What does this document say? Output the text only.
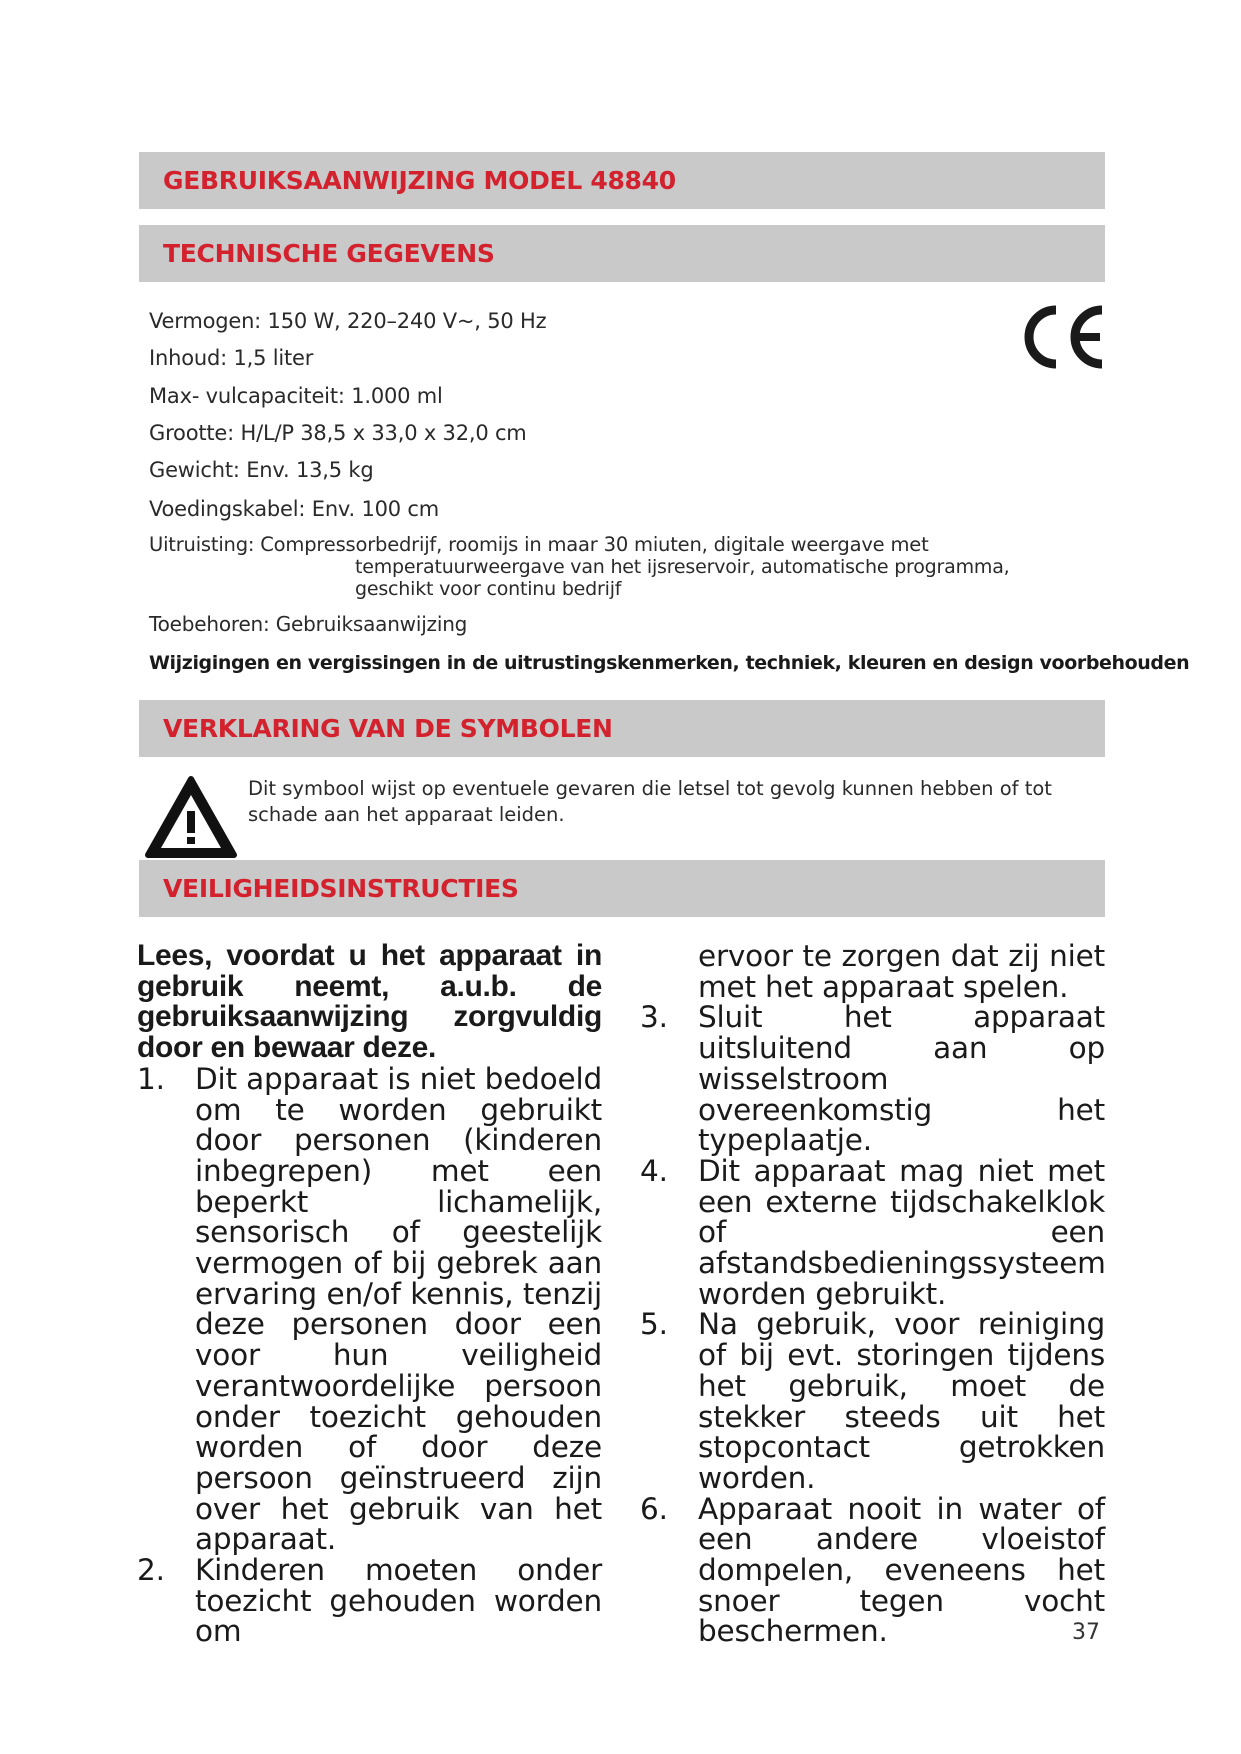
GEBRUIKSAANWIJZING MODEL 48840
TECHNISCHE GEGEVENS
Vermogen: 150 W, 220–240 V~, 50 Hz
Inhoud: 1,5 liter
Max- vulcapaciteit: 1.000 ml
Grootte: H/L/P 38,5 x 33,0 x 32,0 cm
Gewicht: Env. 13,5 kg
Voedingskabel: Env. 100 cm
Uitruisting: Compressorbedrijf, roomijs in maar 30 miuten, digitale weergave met
temperatuurweergave van het ijsreservoir, automatische programma,
geschikt voor continu bedrijf
Toebehoren: Gebruiksaanwijzing
Wijzigingen en vergissingen in de uitrustingskenmerken, techniek, kleuren en design voorbehouden
VERKLARING VAN DE SYMBOLEN
Dit symbool wijst op eventuele gevaren die letsel tot gevolg kunnen hebben of tot schade aan het apparaat leiden.
VEILIGHEIDSINSTRUCTIES
Lees, voordat u het apparaat in gebruik neemt, a.u.b. de gebruiksaanwijzing zorgvuldig door en bewaar deze.
1. Dit apparaat is niet bedoeld om te worden gebruikt door personen (kinderen inbegrepen) met een beperkt lichamelijk, sensorisch of geestelijk vermogen of bij gebrek aan ervaring en/of kennis, tenzij deze personen door een voor hun veiligheid verantwoordelijke persoon onder toezicht gehouden worden of door deze persoon geïnstrueerd zijn over het gebruik van het apparaat.
2. Kinderen moeten onder toezicht gehouden worden om
ervoor te zorgen dat zij niet met het apparaat spelen.
3. Sluit het apparaat uitsluitend aan op wisselstroom overeenkomstig het typeplaatje.
4. Dit apparaat mag niet met een externe tijdschakelklok of een afstandsbedieningssysteem worden gebruikt.
5. Na gebruik, voor reiniging of bij evt. storingen tijdens het gebruik, moet de stekker steeds uit het stopcontact getrokken worden.
6. Apparaat nooit in water of een andere vloeistof dompelen, eveneens het snoer tegen vocht beschermen.	37
